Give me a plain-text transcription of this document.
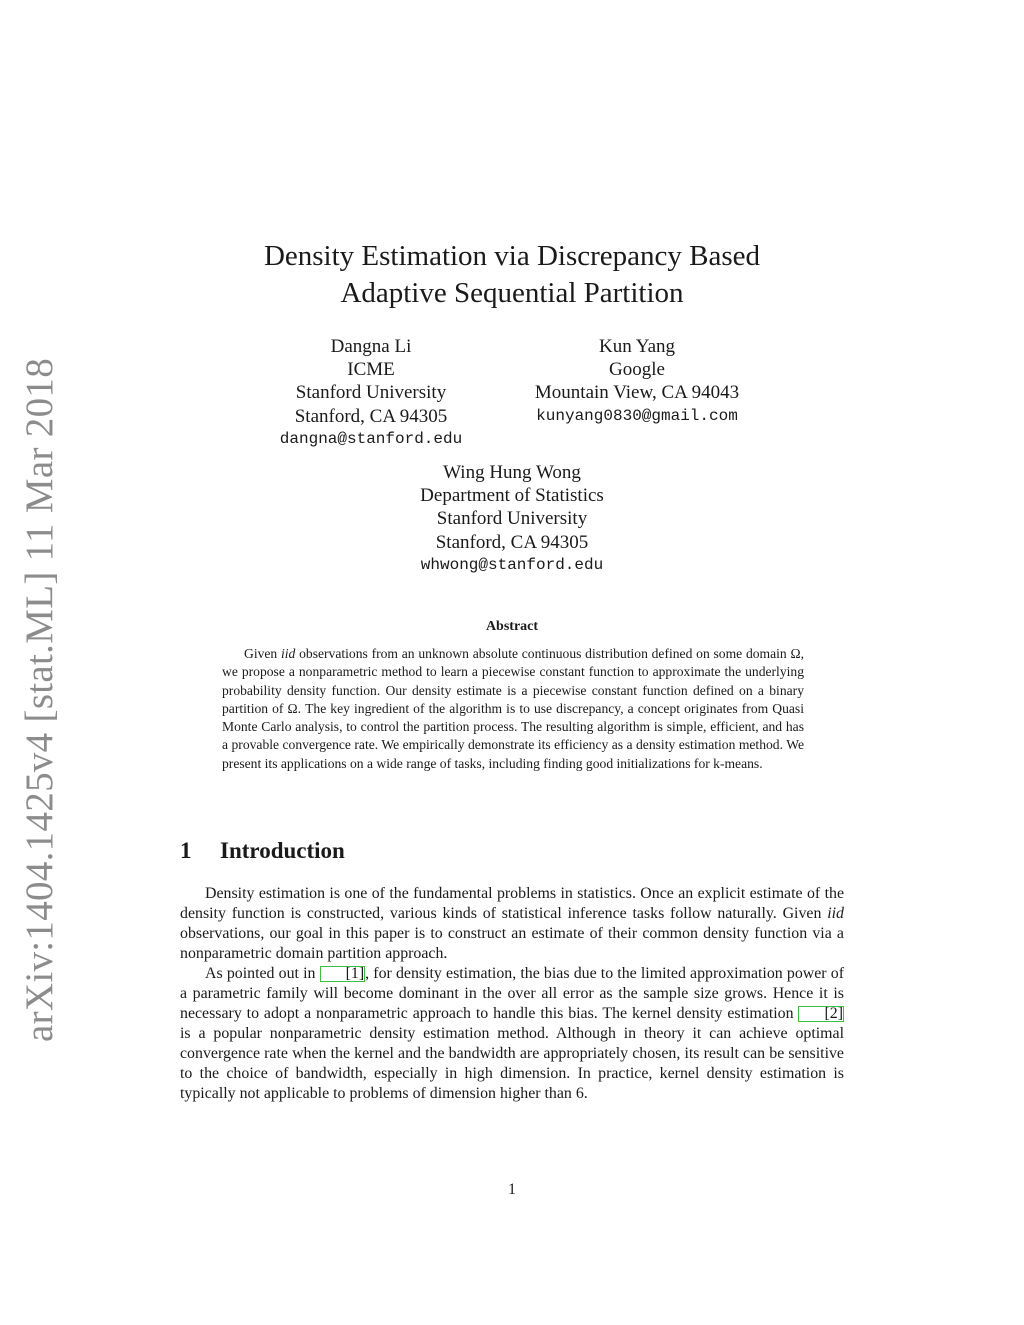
arXiv:1404.1425v4 [stat.ML] 11 Mar 2018
Density Estimation via Discrepancy Based
Adaptive Sequential Partition
Dangna Li
ICME
Stanford University
Stanford, CA 94305
dangna@stanford.edu
Kun Yang
Google
Mountain View, CA 94043
kunyang0830@gmail.com
Wing Hung Wong
Department of Statistics
Stanford University
Stanford, CA 94305
whwong@stanford.edu
Abstract

Given iid observations from an unknown absolute continuous distribution defined on some domain Ω, we propose a nonparametric method to learn a piecewise constant function to approximate the underlying probability density function. Our density estimate is a piecewise constant function defined on a binary partition of Ω. The key ingredient of the algorithm is to use discrepancy, a concept originates from Quasi Monte Carlo analysis, to control the partition process. The resulting algorithm is simple, efficient, and has a provable convergence rate. We empirically demonstrate its efficiency as a density estimation method. We present its applications on a wide range of tasks, including finding good initializations for k-means.

1 Introduction

Density estimation is one of the fundamental problems in statistics. Once an explicit estimate of the density function is constructed, various kinds of statistical inference tasks follow naturally. Given iid observations, our goal in this paper is to construct an estimate of their common density function via a nonparametric domain partition approach.

As pointed out in [1], for density estimation, the bias due to the limited approximation power of a parametric family will become dominant in the over all error as the sample size grows. Hence it is necessary to adopt a nonparametric approach to handle this bias. The kernel density estimation [2] is a popular nonparametric density estimation method. Although in theory it can achieve optimal convergence rate when the kernel and the bandwidth are appropriately chosen, its result can be sensitive to the choice of bandwidth, especially in high dimension. In practice, kernel density estimation is typically not applicable to problems of dimension higher than 6.

1
